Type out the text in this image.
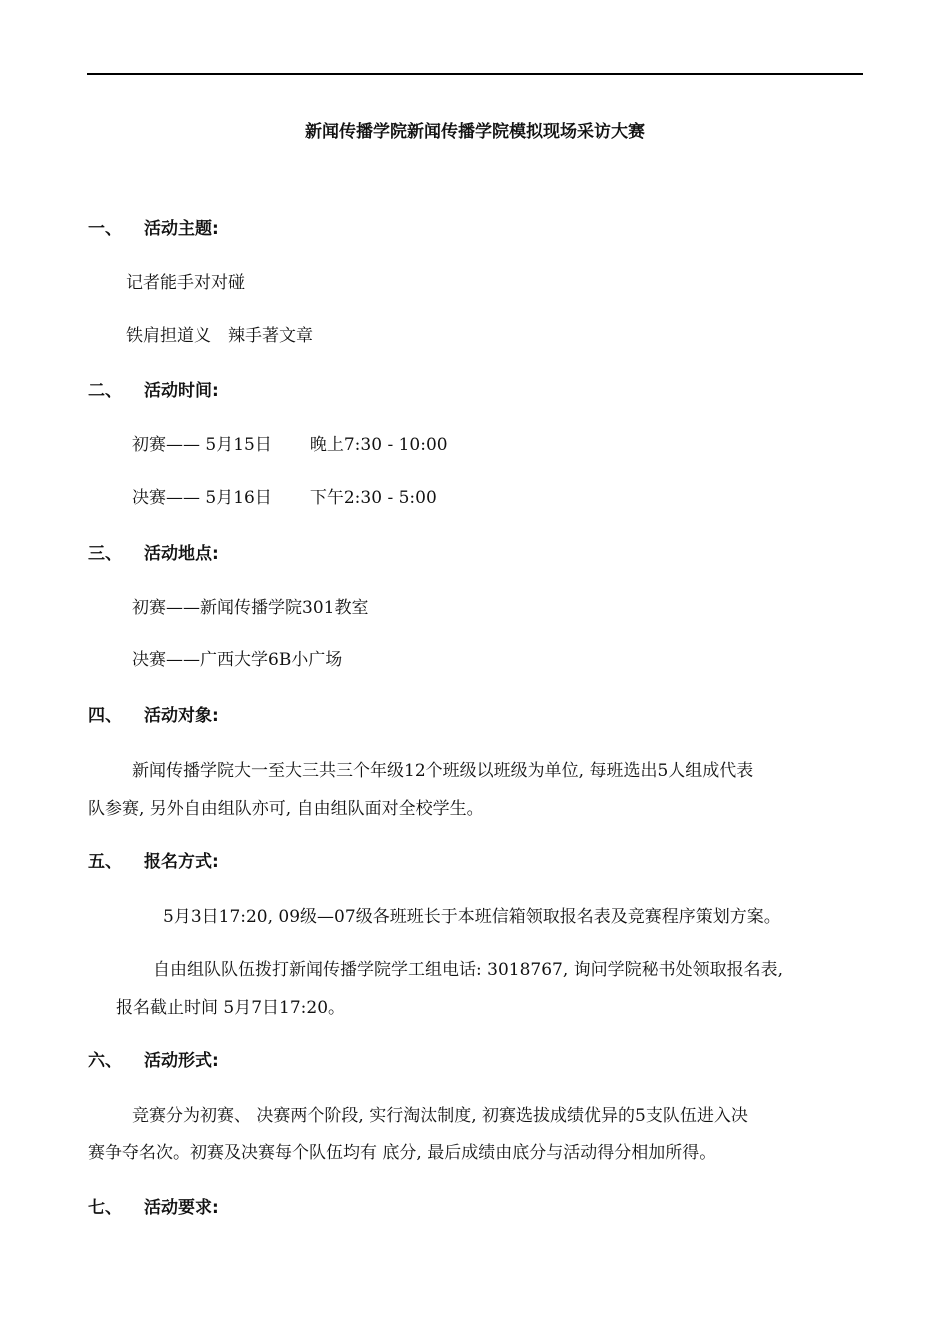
新闻传播学院新闻传播学院模拟现场采访大赛
一、 活动主题:
记者能手对对碰
铁肩担道义　辣手著文章
二、 活动时间:
初赛—— 5月15日 晚上7:30 - 10:00
决赛—— 5月16日 下午2:30 - 5:00
三、 活动地点:
初赛——新闻传播学院301教室
决赛——广西大学6B小广场
四、 活动对象:
新闻传播学院大一至大三共三个年级12个班级以班级为单位, 每班选出5人组成代表
队参赛, 另外自由组队亦可, 自由组队面对全校学生。
五、 报名方式:
5月3日17:20, 09级—07级各班班长于本班信箱领取报名表及竞赛程序策划方案。
自由组队队伍拨打新闻传播学院学工组电话: 3018767, 询问学院秘书处领取报名表,
报名截止时间 5月7日17:20。
六、 活动形式:
竞赛分为初赛、 决赛两个阶段, 实行淘汰制度, 初赛选拔成绩优异的5支队伍进入决
赛争夺名次。初赛及决赛每个队伍均有 底分, 最后成绩由底分与活动得分相加所得。
七、 活动要求:
